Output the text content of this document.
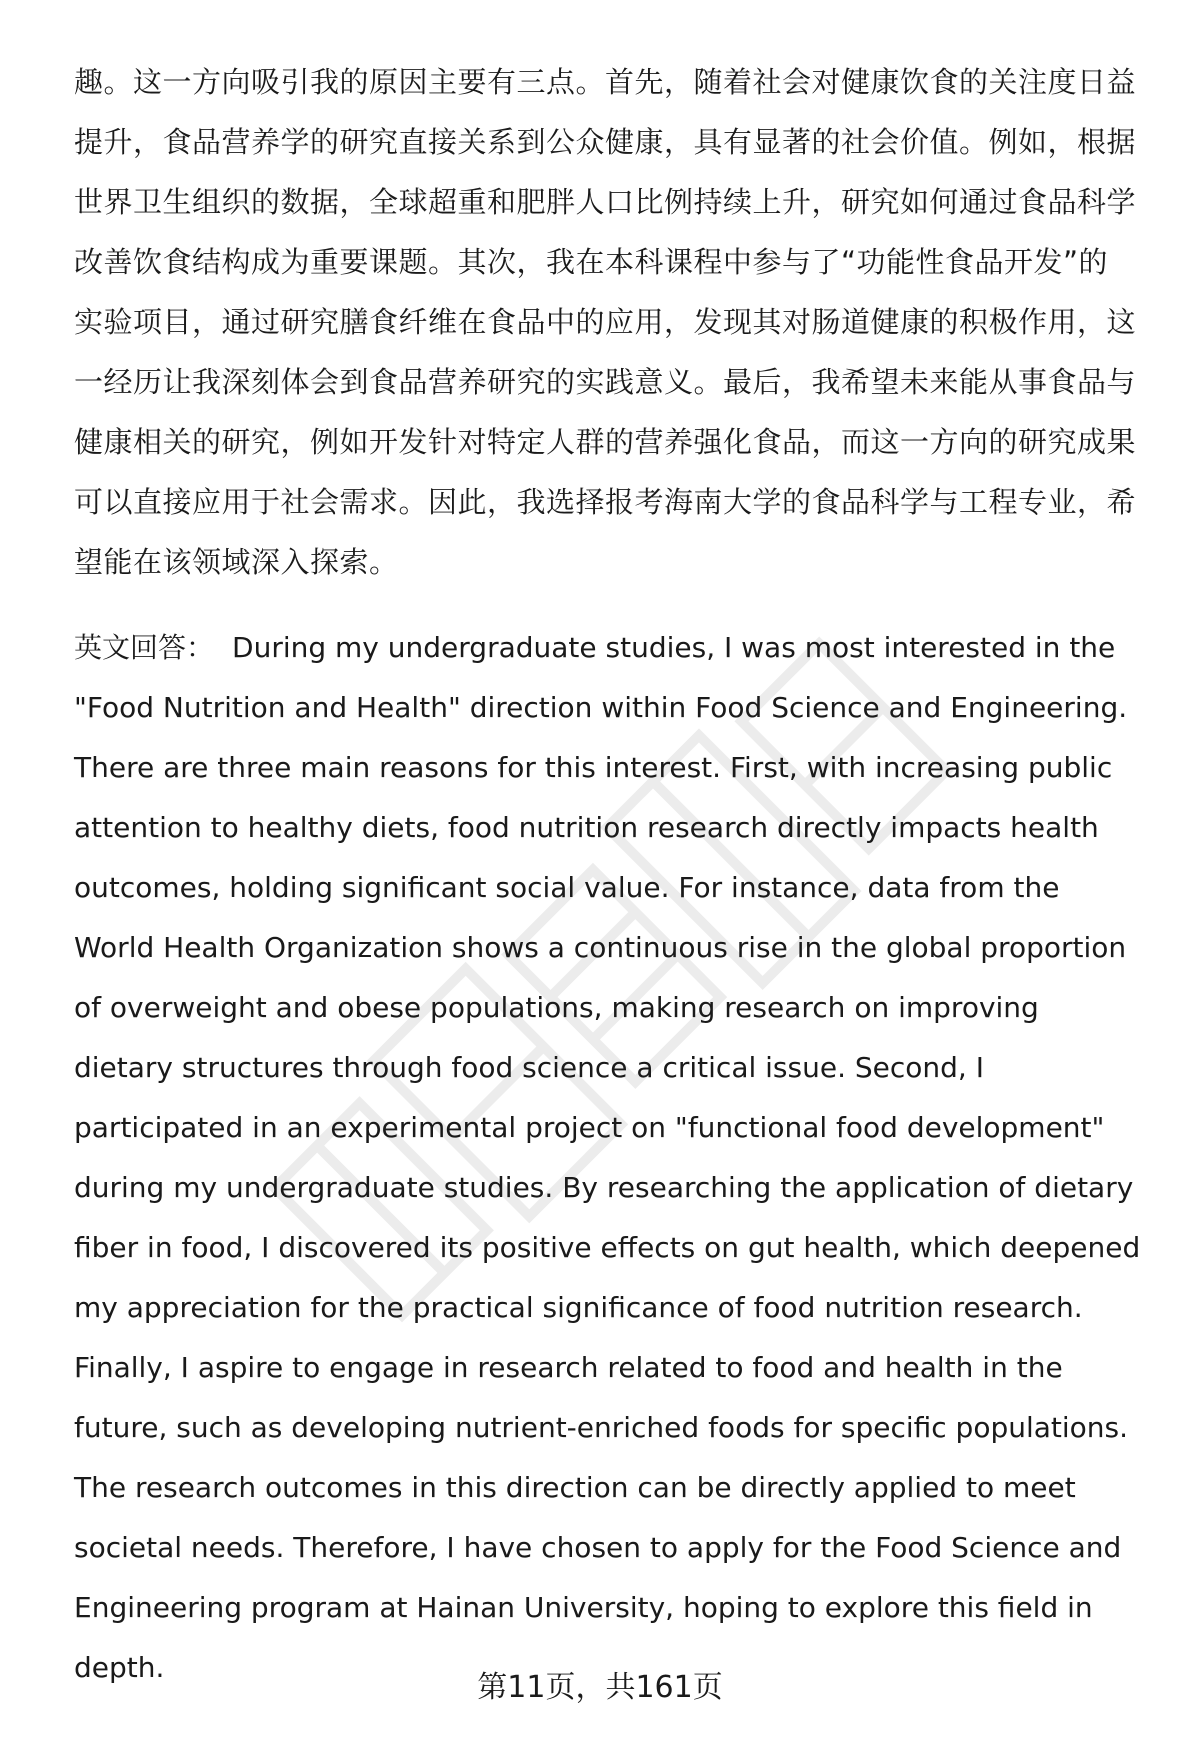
趣。这一方向吸引我的原因主要有三点。首先，随着社会对健康饮食的关注度日益
提升，食品营养学的研究直接关系到公众健康，具有显著的社会价值。例如，根据
世界卫生组织的数据，全球超重和肥胖人口比例持续上升，研究如何通过食品科学
改善饮食结构成为重要课题。其次，我在本科课程中参与了“功能性食品开发”的
实验项目，通过研究膳食纤维在食品中的应用，发现其对肠道健康的积极作用，这
一经历让我深刻体会到食品营养研究的实践意义。最后，我希望未来能从事食品与
健康相关的研究，例如开发针对特定人群的营养强化食品，而这一方向的研究成果
可以直接应用于社会需求。因此，我选择报考海南大学的食品科学与工程专业，希
望能在该领域深入探索。
英文回答： During my undergraduate studies, I was most interested in the
"Food Nutrition and Health" direction within Food Science and Engineering.
There are three main reasons for this interest. First, with increasing public
attention to healthy diets, food nutrition research directly impacts health
outcomes, holding significant social value. For instance, data from the
World Health Organization shows a continuous rise in the global proportion
of overweight and obese populations, making research on improving
dietary structures through food science a critical issue. Second, I
participated in an experimental project on "functional food development"
during my undergraduate studies. By researching the application of dietary
fiber in food, I discovered its positive effects on gut health, which deepened
my appreciation for the practical significance of food nutrition research.
Finally, I aspire to engage in research related to food and health in the
future, such as developing nutrient-enriched foods for specific populations.
The research outcomes in this direction can be directly applied to meet
societal needs. Therefore, I have chosen to apply for the Food Science and
Engineering program at Hainan University, hoping to explore this field in
depth.
第11页，共161页
